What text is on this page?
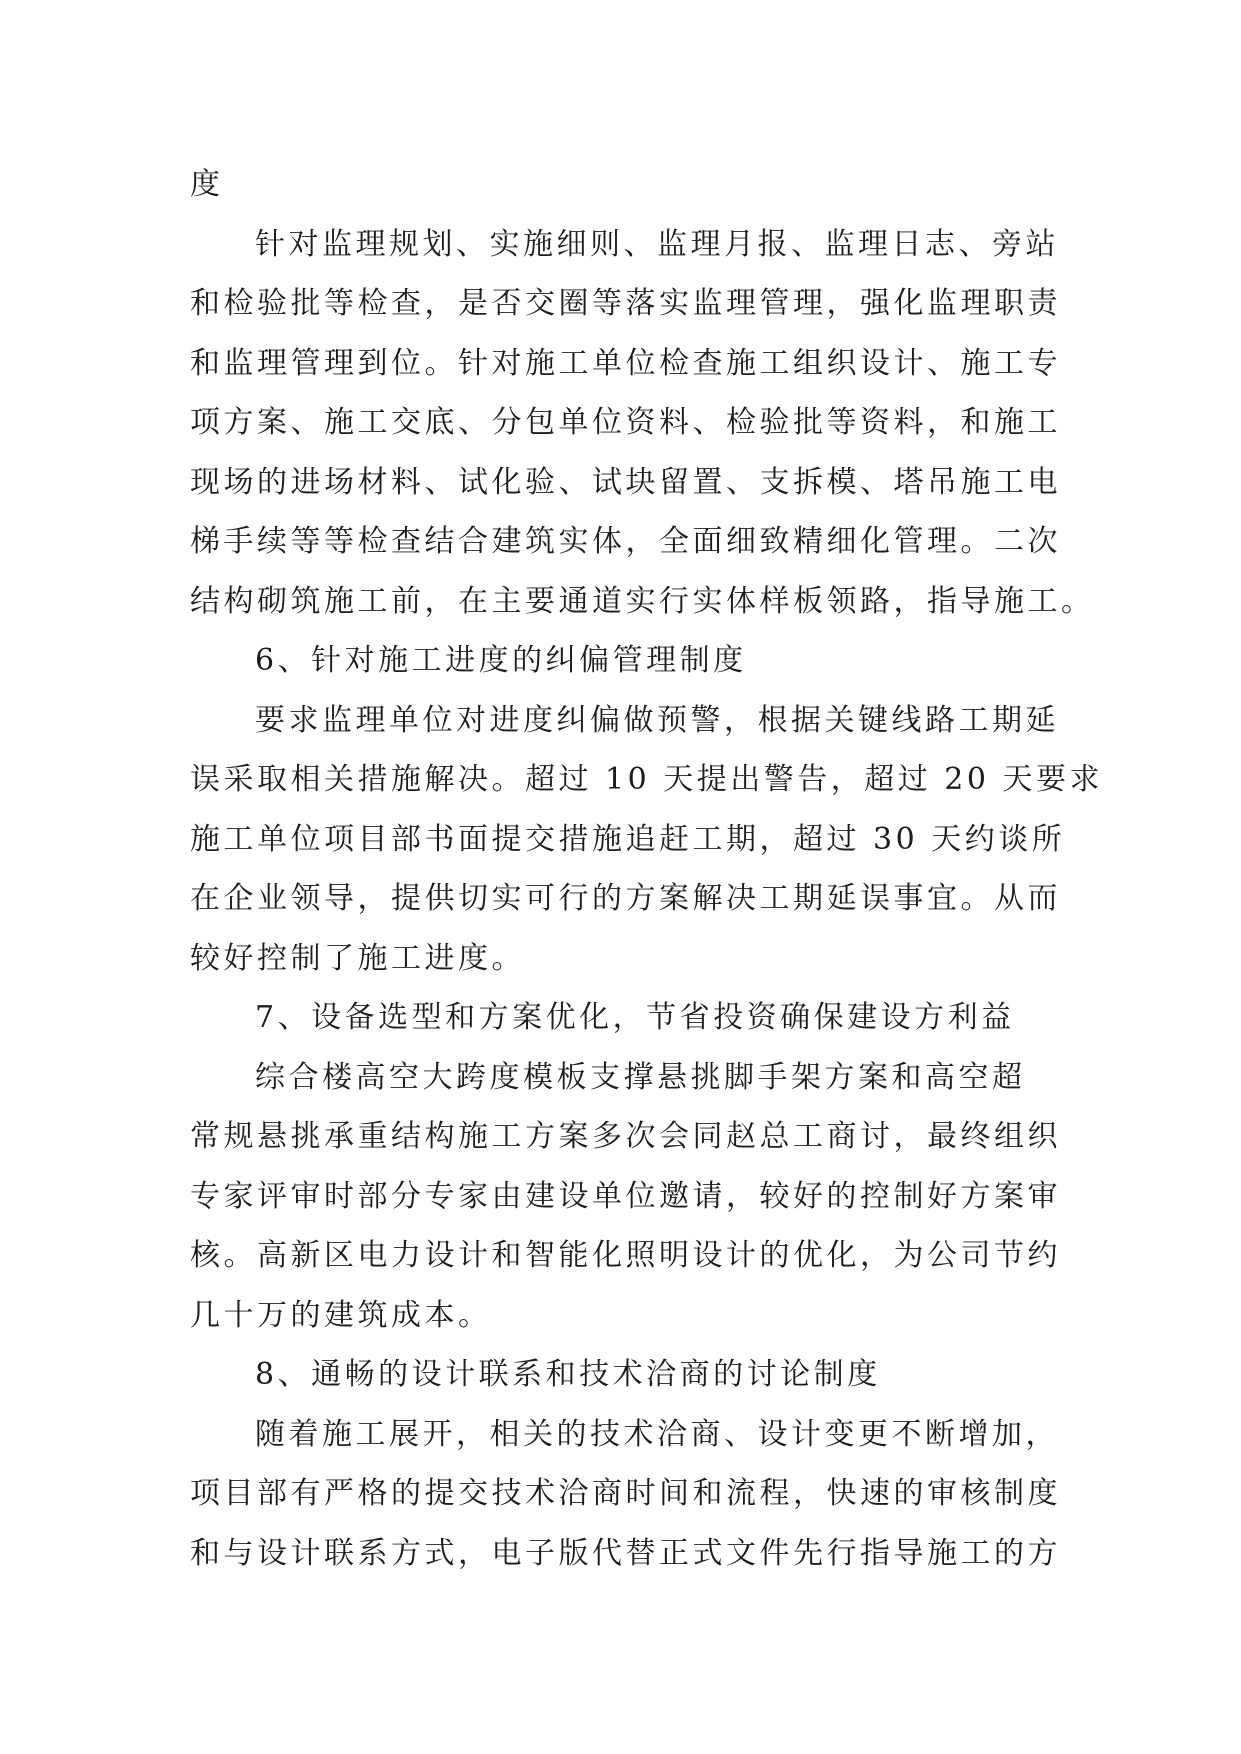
度
针对监理规划、实施细则、监理月报、监理日志、旁站
和检验批等检查，是否交圈等落实监理管理，强化监理职责
和监理管理到位。针对施工单位检查施工组织设计、施工专
项方案、施工交底、分包单位资料、检验批等资料，和施工
现场的进场材料、试化验、试块留置、支拆模、塔吊施工电
梯手续等等检查结合建筑实体，全面细致精细化管理。二次
结构砌筑施工前，在主要通道实行实体样板领路，指导施工。
6、针对施工进度的纠偏管理制度
要求监理单位对进度纠偏做预警，根据关键线路工期延
误采取相关措施解决。超过 10 天提出警告，超过 20 天要求
施工单位项目部书面提交措施追赶工期，超过 30 天约谈所
在企业领导，提供切实可行的方案解决工期延误事宜。从而
较好控制了施工进度。
7、设备选型和方案优化，节省投资确保建设方利益
综合楼高空大跨度模板支撑悬挑脚手架方案和高空超
常规悬挑承重结构施工方案多次会同赵总工商讨，最终组织
专家评审时部分专家由建设单位邀请，较好的控制好方案审
核。高新区电力设计和智能化照明设计的优化，为公司节约
几十万的建筑成本。
8、通畅的设计联系和技术洽商的讨论制度
随着施工展开，相关的技术洽商、设计变更不断增加，
项目部有严格的提交技术洽商时间和流程，快速的审核制度
和与设计联系方式，电子版代替正式文件先行指导施工的方
